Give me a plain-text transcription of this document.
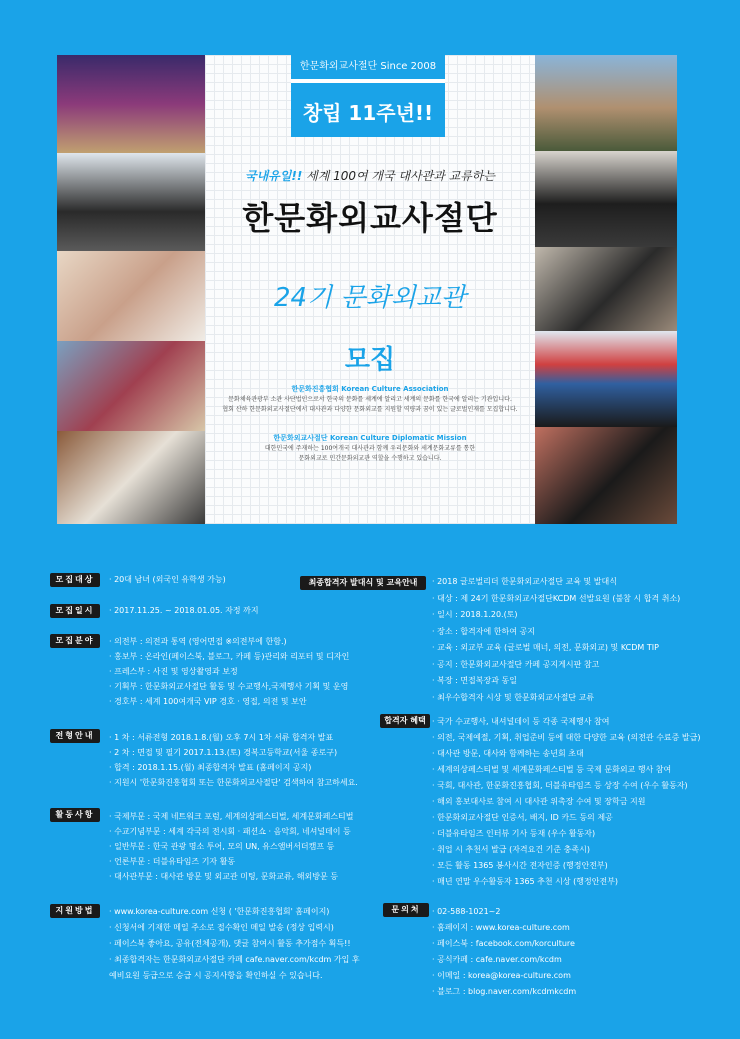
한문화외교사절단 Since 2008
창립 11주년!!
국내유일!! 세계 100여 개국 대사관과 교류하는
한문화외교사절단
24기 문화외교관
모집
한문화진흥협회 Korean Culture Association
문화체육관광부 소관 사단법인으로서 한국의 문화를 세계에 알리고 세계의 문화를 한국에 알리는 기관입니다.
협회 산하 한문화외교사절단에서 대사관과 다양한 문화외교를 지원할 역량과 꿈이 있는 글로벌인재를 모집합니다.
한문화외교사절단 Korean Culture Diplomatic Mission
대한민국에 주재하는 100여개국 대사관과 함께 우리문화와 세계문화교류를 통한
문화외교로 민간문화외교관 역할을 수행하고 있습니다.
모집대상	· 20대 남녀 (외국인 유학생 가능)
모집일시	· 2017.11.25. ~ 2018.01.05. 자정 까지
모집분야	· 의전부 : 의전과 통역 (영어면접 ※의전부에 한함.)
· 홍보부 : 온라인(페이스북, 블로그, 카페 등)관리와 리포터 및 디자인
· 프레스부 : 사진 및 영상촬영과 보정
· 기획부 : 한문화외교사절단 활동 및 수교행사,국제행사 기획 및 운영
· 경호부 : 세계 100여개국 VIP 경호 · 영접, 의전 및 보안
전형안내	· 1 차 : 서류전형 2018.1.8.(월) 오후 7시 1차 서류 합격자 발표
· 2 차 : 면접 및 필기 2017.1.13.(토) 경복고등학교(서울 종로구)
· 합격 : 2018.1.15.(월) 최종합격자 발표 (홈페이지 공지)
· 지원시 '한문화진흥협회 또는 한문화외교사절단' 검색하여 참고하세요.
활동사항	· 국제부문 : 국제 네트워크 포럼, 세계의상페스티벌, 세계문화페스티벌
· 수교기념부문 : 세계 각국의 전시회 · 패션쇼 · 음악회, 네셔널데이 등
· 일반부문 : 한국 관광 명소 투어, 모의 UN, 유스앰버서더캠프 등
· 언론부문 : 더블유타임즈 기자 활동
· 대사관부문 : 대사관 방문 및 외교관 미팅, 문화교류, 해외방문 등
지원방법	· www.korea-culture.com 신청 ( '한문화진흥협회' 홈페이지)
· 신청서에 기재한 메일 주소로 접수확인 메일 발송 (정상 입력시)
· 페이스북 좋아요, 공유(전체공개), 댓글 참여시 활동 추가점수 획득!!
· 최종합격자는 한문화외교사절단 카페 cafe.naver.com/kcdm 가입 후
예비요원 등급으로 승급 시 공지사항을 확인하실 수 있습니다.
최종합격자 발대식 및 교육안내	· 2018 글로벌리더 한문화외교사절단 교육 및 발대식
· 대상 : 제 24기 한문화외교사절단KCDM 선발요원 (불참 시 합격 취소)
· 일시 : 2018.1.20.(토)
· 장소 : 합격자에 한하여 공지
· 교육 : 외교부 교육 (글로벌 매너, 의전, 문화외교) 및 KCDM TIP
· 공지 : 한문화외교사절단 카페 공지게시판 참고
· 복장 : 면접복장과 동일
· 최우수합격자 시상 및 한문화외교사절단 교류
합격자 혜택 · 국가 수교행사, 내셔널데이 등 각종 국제행사 참여
· 의전, 국제예절, 기획, 취업준비 등에 대한 다양한 교육 (의전관 수료증 발급)
· 대사관 방문, 대사와 함께하는 송년회 초대
· 세계의상페스티벌 및 세계문화페스티벌 등 국제 문화외교 행사 참여
· 국회, 대사관, 한문화진흥협회, 더블유타임즈 등 상장 수여 (우수 활동자)
· 해외 홍보대사로 참여 시 대사관 위촉장 수여 및 장학금 지원
· 한문화외교사절단 인증서, 배지, ID 카드 등의 제공
· 더블유타임즈 인터뷰 기사 등재 (우수 활동자)
· 취업 시 추천서 발급 (자격요건 기준 충족시)
· 모든 활동 1365 봉사시간 전자인증 (행정안전부)
· 매년 연말 우수활동자 1365 추천 시상 (행정안전부)
문의처	· 02-588-1021~2
· 홈페이지 : www.korea-culture.com
· 페이스북 : facebook.com/korculture
· 공식카페 : cafe.naver.com/kcdm
· 이메일 : korea@korea-culture.com
· 블로그 : blog.naver.com/kcdmkcdm
